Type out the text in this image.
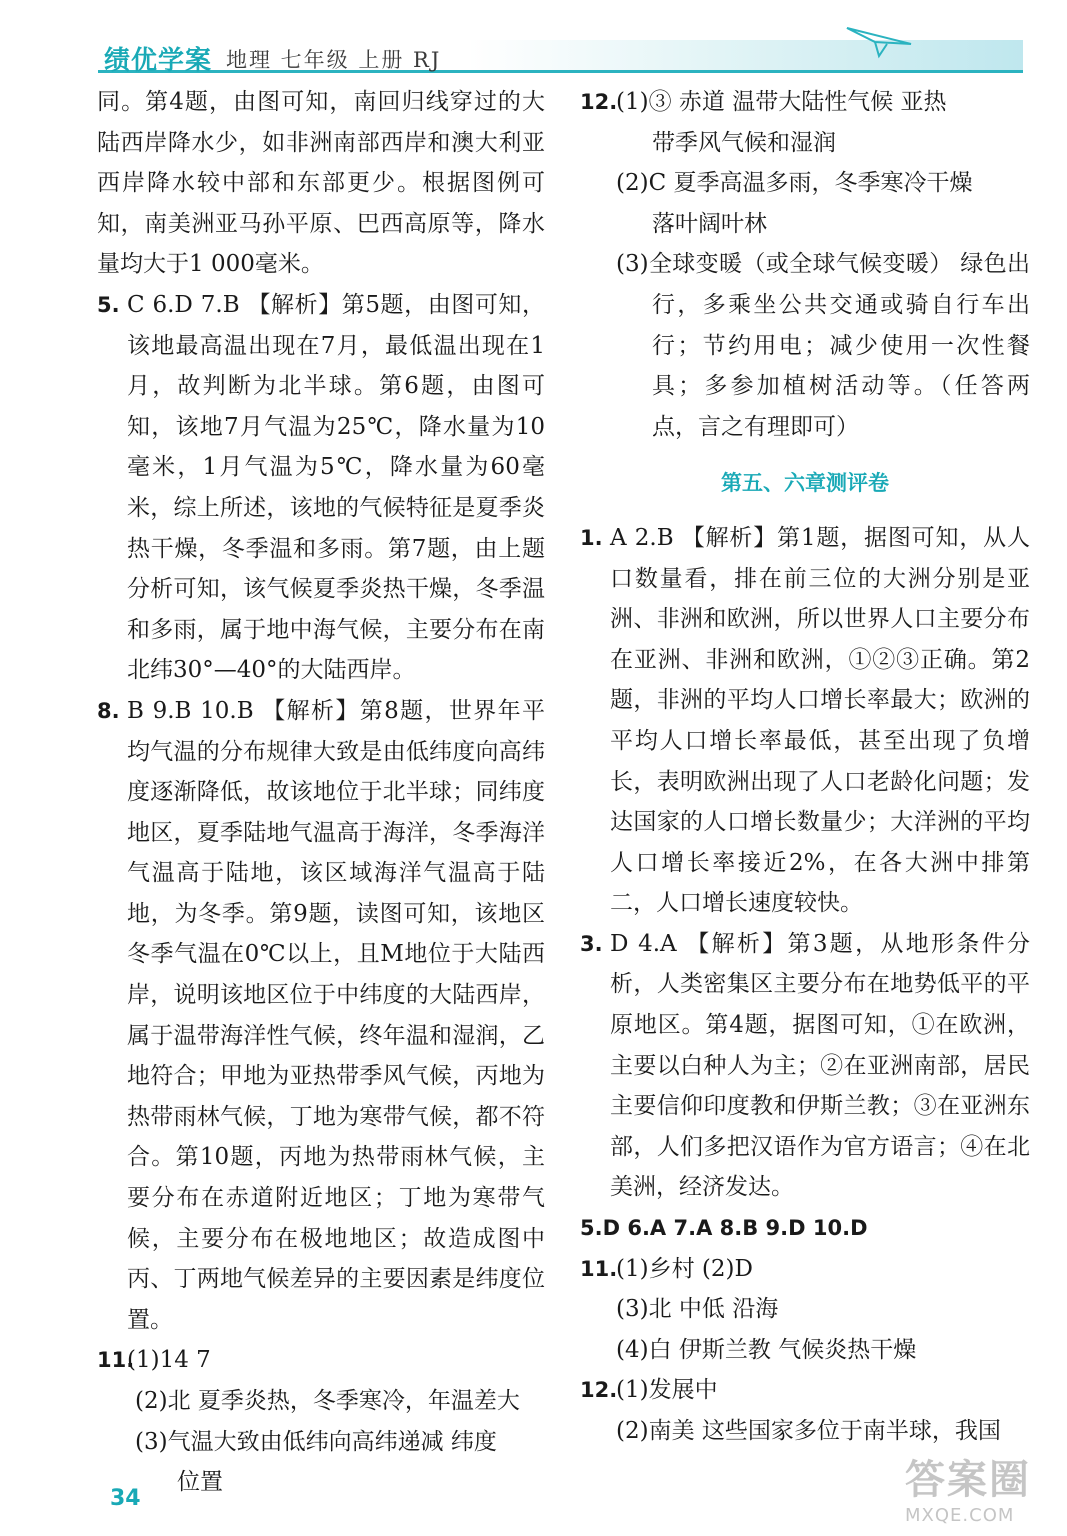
绩优学案 地理 七年级 上册 RJ

同。第4题，由图可知，南回归线穿过的大陆西岸降水少，如非洲南部西岸和澳大利亚西岸降水较中部和东部更少。根据图例可知，南美洲亚马孙平原、巴西高原等，降水量均大于1 000毫米。

5. C 6.D 7.B 【解析】第5题，由图可知，该地最高温出现在7月，最低温出现在1月，故判断为北半球。第6题，由图可知，该地7月气温为25℃，降水量为10毫米，1月气温为5℃，降水量为60毫米，综上所述，该地的气候特征是夏季炎热干燥，冬季温和多雨。第7题，由上题分析可知，该气候夏季炎热干燥，冬季温和多雨，属于地中海气候，主要分布在南北纬30°—40°的大陆西岸。

8. B 9.B 10.B 【解析】第8题，世界年平均气温的分布规律大致是由低纬度向高纬度逐渐降低，故该地位于北半球；同纬度地区，夏季陆地气温高于海洋，冬季海洋气温高于陆地，该区域海洋气温高于陆地，为冬季。第9题，读图可知，该地区冬季气温在0℃以上，且M地位于大陆西岸，说明该地区位于中纬度的大陆西岸，属于温带海洋性气候，终年温和湿润，乙地符合；甲地为亚热带季风气候，丙地为热带雨林气候，丁地为寒带气候，都不符合。第10题，丙地为热带雨林气候，主要分布在赤道附近地区；丁地为寒带气候，主要分布在极地地区；故造成图中丙、丁两地气候差异的主要因素是纬度位置。

11.

(1)14 7

(2)北 夏季炎热，冬季寒冷，年温差大

(3)气温大致由低纬向高纬递减 纬度

位置

12.

(1)③ 赤道 温带大陆性气候 亚热

带季风气候和湿润

(2)C 夏季高温多雨，冬季寒冷干燥

落叶阔叶林

(3)全球变暖（或全球气候变暖） 绿色出行，多乘坐公共交通或骑自行车出行；节约用电；减少使用一次性餐具；多参加植树活动等。（任答两点，言之有理即可）

第五、六章测评卷
1. A 2.B 【解析】第1题，据图可知，从人口数量看，排在前三位的大洲分别是亚洲、非洲和欧洲，所以世界人口主要分布在亚洲、非洲和欧洲，①②③正确。第2题，非洲的平均人口增长率最大；欧洲的平均人口增长率最低，甚至出现了负增长，表明欧洲出现了人口老龄化问题；发达国家的人口增长数量少；大洋洲的平均人口增长率接近2%，在各大洲中排第二，人口增长速度较快。

3. D 4.A 【解析】第3题，从地形条件分析，人类密集区主要分布在地势低平的平原地区。第4题，据图可知，①在欧洲，主要以白种人为主；②在亚洲南部，居民主要信仰印度教和伊斯兰教；③在亚洲东部，人们多把汉语作为官方语言；④在北美洲，经济发达。

5.D 6.A 7.A 8.B 9.D 10.D

11.

(1)乡村 (2)D

(3)北 中低 沿海

(4)白 伊斯兰教 气候炎热干燥

12.

(1)发展中

(2)南美 这些国家多位于南半球，我国

34	答案圈
MXQE.COM
